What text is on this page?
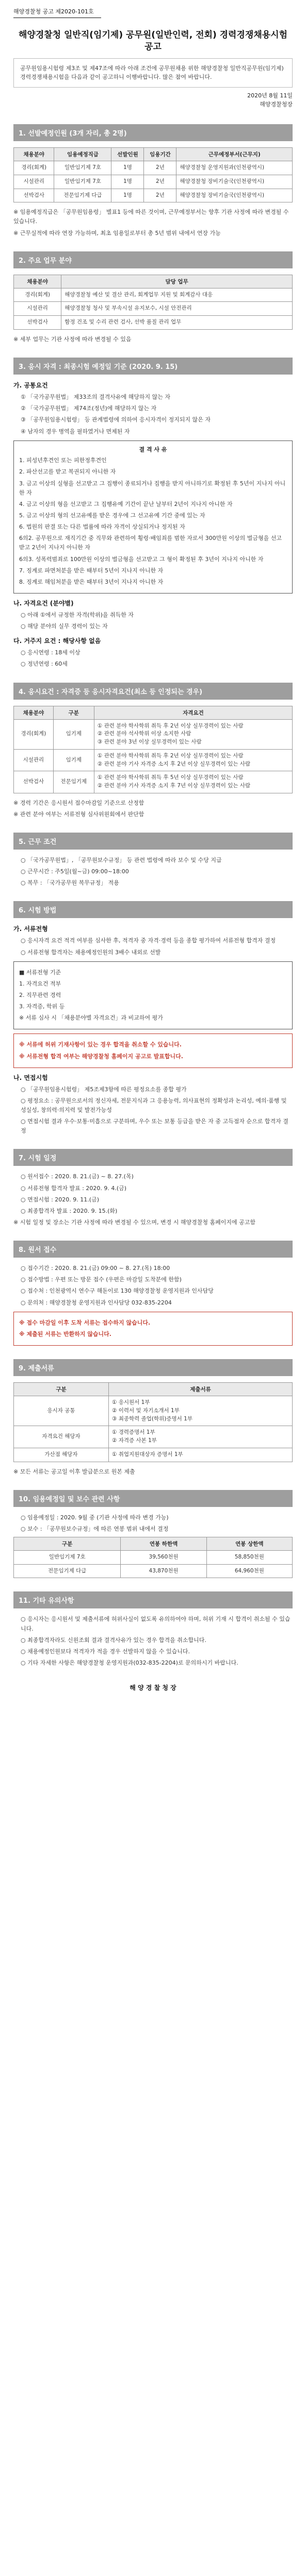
해양경찰청 공고 제2020-101호
해양경찰청 일반직(임기제) 공무원(일반인력, 전회) 경력경쟁채용시험 공고
공무원임용시험령 제3조 및 제47조에 따라 아래 조건에 공무원채용 위한 해양경찰청 일반직공무원(임기제) 경력경쟁채용시험을 다음과 같이 공고하니 이행바랍니다. 많은 참여 바랍니다.
2020년 8월 11일
해양경찰청장
1. 선발예정인원 (3개 자리, 총 2명)
채용분야	임용예정직급	선발인원	임용기간	근무예정부서(근무지)
경리(회계)	일반임기제 7호	1명	2년	해양경찰청 운영지원과(인천광역시)
시설관리	일반임기제 7호	1명	2년	해양경찰청 장비기술국(인천광역시)
선박검사	전문임기제 다급	1명	2년	해양경찰청 장비기술국(인천광역시)
※ 임용예정직급은 「공무원임용령」 별표1 등에 따른 것이며, 근무예정부서는 향후 기관 사정에 따라 변경될 수 있습니다.
※ 근무실적에 따라 연장 가능하며, 최초 임용일로부터 총 5년 범위 내에서 연장 가능
2. 주요 업무 분야
채용분야	담당 업무
경리(회계)	해양경찰청 예산 및 결산 관리, 회계업무 지원 및 회계감사 대응
시설관리	해양경찰청 청사 및 부속시설 유지보수, 시설 안전관리
선박검사	함정 건조 및 수리 관련 검사, 선박 품질 관리 업무
※ 세부 업무는 기관 사정에 따라 변경될 수 있음
3. 응시 자격 : 최종시험 예정일 기준 (2020. 9. 15)
가. 공통요건
① 「국가공무원법」 제33조의 결격사유에 해당하지 않는 자
② 「국가공무원법」 제74조(정년)에 해당하지 않는 자
③ 「공무원임용시험령」 등 관계법령에 의하여 응시자격이 정지되지 않은 자
④ 남자의 경우 병역을 필하였거나 면제된 자
결 격 사 유
1. 피성년후견인 또는 피한정후견인
2. 파산선고를 받고 복권되지 아니한 자
3. 금고 이상의 실형을 선고받고 그 집행이 종료되거나 집행을 받지 아니하기로 확정된 후 5년이 지나지 아니한 자
4. 금고 이상의 형을 선고받고 그 집행유예 기간이 끝난 날부터 2년이 지나지 아니한 자
5. 금고 이상의 형의 선고유예를 받은 경우에 그 선고유예 기간 중에 있는 자
6. 법원의 판결 또는 다른 법률에 따라 자격이 상실되거나 정지된 자
6의2. 공무원으로 재직기간 중 직무와 관련하여 횡령·배임죄를 범한 자로서 300만원 이상의 벌금형을 선고받고 2년이 지나지 아니한 자
6의3. 성폭력범죄로 100만원 이상의 벌금형을 선고받고 그 형이 확정된 후 3년이 지나지 아니한 자
7. 징계로 파면처분을 받은 때부터 5년이 지나지 아니한 자
8. 징계로 해임처분을 받은 때부터 3년이 지나지 아니한 자
나. 자격요건 (분야별)
○ 아래 ①에서 규정한 자격(학위)을 취득한 자
○ 해당 분야의 실무 경력이 있는 자
다. 거주지 요건 : 해당사항 없음
○ 응시연령 : 18세 이상
○ 정년연령 : 60세
4. 응시요건 : 자격증 등 응시자격요건(최소 등 인정되는 경우)
채용분야	구분	자격요건
경리(회계)	임기제	① 관련 분야 학사학위 취득 후 2년 이상 실무경력이 있는 사람
② 관련 분야 석사학위 이상 소지한 사람
③ 관련 분야 3년 이상 실무경력이 있는 사람
시설관리	임기제	① 관련 분야 학사학위 취득 후 2년 이상 실무경력이 있는 사람
② 관련 분야 기사 자격증 소지 후 2년 이상 실무경력이 있는 사람
선박검사	전문임기제	① 관련 분야 학사학위 취득 후 5년 이상 실무경력이 있는 사람
② 관련 분야 기사 자격증 소지 후 7년 이상 실무경력이 있는 사람
※ 경력 기간은 응시원서 접수마감일 기준으로 산정함
※ 관련 분야 여부는 서류전형 심사위원회에서 판단함
5. 근무 조건
○ 「국가공무원법」, 「공무원보수규정」 등 관련 법령에 따라 보수 및 수당 지급
○ 근무시간 : 주5일(월~금) 09:00~18:00
○ 복무 : 「국가공무원 복무규정」 적용
6. 시험 방법
가. 서류전형
○ 응시자격 요건 적격 여부를 심사한 후, 적격자 중 자격·경력 등을 종합 평가하여 서류전형 합격자 결정
○ 서류전형 합격자는 채용예정인원의 3배수 내외로 선발
■ 서류전형 기준
1. 자격요건 적부
2. 직무관련 경력
3. 자격증, 학위 등
※ 서류 심사 시 「채용분야별 자격요건」과 비교하여 평가
※ 서류에 허위 기재사항이 있는 경우 합격을 취소할 수 있습니다.
※ 서류전형 합격 여부는 해양경찰청 홈페이지 공고로 발표합니다.
나. 면접시험
○ 「공무원임용시험령」 제5조제3항에 따른 평정요소를 종합 평가
○ 평정요소 : 공무원으로서의 정신자세, 전문지식과 그 응용능력, 의사표현의 정확성과 논리성, 예의·품행 및 성실성, 창의력·의지력 및 발전가능성
○ 면접시험 결과 우수·보통·미흡으로 구분하며, 우수 또는 보통 등급을 받은 자 중 고득점자 순으로 합격자 결정
7. 시험 일정
○ 원서접수 : 2020. 8. 21.(금) ~ 8. 27.(목)
○ 서류전형 합격자 발표 : 2020. 9. 4.(금)
○ 면접시험 : 2020. 9. 11.(금)
○ 최종합격자 발표 : 2020. 9. 15.(화)
※ 시험 일정 및 장소는 기관 사정에 따라 변경될 수 있으며, 변경 시 해양경찰청 홈페이지에 공고함
8. 원서 접수
○ 접수기간 : 2020. 8. 21.(금) 09:00 ~ 8. 27.(목) 18:00
○ 접수방법 : 우편 또는 방문 접수 (우편은 마감일 도착분에 한함)
○ 접수처 : 인천광역시 연수구 해돋이로 130 해양경찰청 운영지원과 인사담당
○ 문의처 : 해양경찰청 운영지원과 인사담당 032-835-2204
※ 접수 마감일 이후 도착 서류는 접수하지 않습니다.
※ 제출된 서류는 반환하지 않습니다.
9. 제출서류
구분	제출서류
응시자 공통	① 응시원서 1부
② 이력서 및 자기소개서 1부
③ 최종학력 졸업(학위)증명서 1부
자격요건 해당자	① 경력증명서 1부
② 자격증 사본 1부
가산점 해당자	① 취업지원대상자 증명서 1부
※ 모든 서류는 공고일 이후 발급분으로 원본 제출
10. 임용예정일 및 보수 관련 사항
○ 임용예정일 : 2020. 9월 중 (기관 사정에 따라 변경 가능)
○ 보수 : 「공무원보수규정」에 따른 연봉 범위 내에서 결정
구분	연봉 하한액	연봉 상한액
일반임기제 7호	39,560천원	58,850천원
전문임기제 다급	43,870천원	64,960천원
11. 기타 유의사항
○ 응시자는 응시원서 및 제출서류에 허위사실이 없도록 유의하여야 하며, 허위 기재 시 합격이 취소될 수 있습니다.
○ 최종합격자라도 신원조회 결과 결격사유가 있는 경우 합격을 취소합니다.
○ 채용예정인원보다 적격자가 적을 경우 선발하지 않을 수 있습니다.
○ 기타 자세한 사항은 해양경찰청 운영지원과(032-835-2204)로 문의하시기 바랍니다.
해 양 경 찰 청 장
